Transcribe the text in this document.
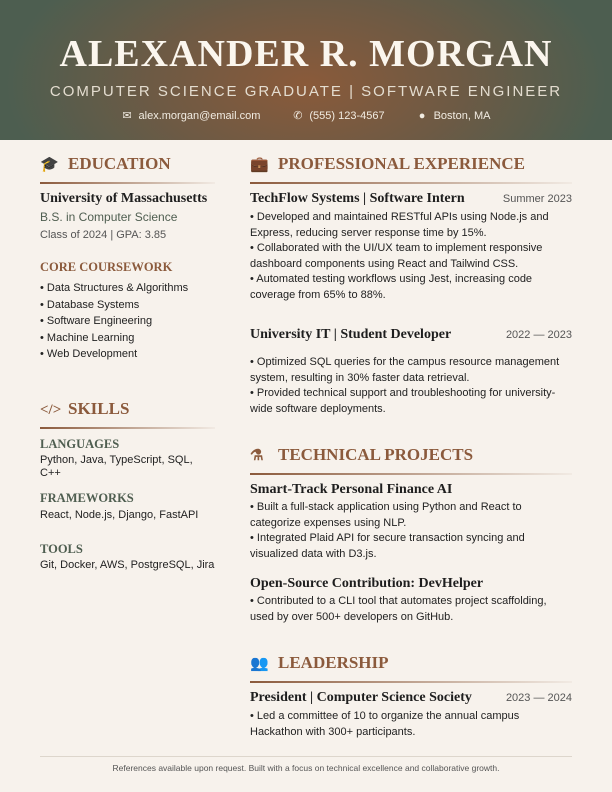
ALEXANDER R. MORGAN
COMPUTER SCIENCE GRADUATE | SOFTWARE ENGINEER
✉ alex.morgan@email.com	✆ (555) 123-4567	● Boston, MA
🎓 EDUCATION
University of Massachusetts
B.S. in Computer Science
Class of 2024 | GPA: 3.85
CORE COURSEWORK
• Data Structures & Algorithms
• Database Systems
• Software Engineering
• Machine Learning
• Web Development
</> SKILLS
LANGUAGES
Python, Java, TypeScript, SQL, C++
FRAMEWORKS
React, Node.js, Django, FastAPI
TOOLS
Git, Docker, AWS, PostgreSQL, Jira
💼 PROFESSIONAL EXPERIENCE
TechFlow Systems | Software Intern	Summer 2023
• Developed and maintained RESTful APIs using Node.js and Express, reducing server response time by 15%.
• Collaborated with the UI/UX team to implement responsive dashboard components using React and Tailwind CSS.
• Automated testing workflows using Jest, increasing code coverage from 65% to 88%.
University IT | Student Developer	2022 — 2023
• Optimized SQL queries for the campus resource management system, resulting in 30% faster data retrieval.
• Provided technical support and troubleshooting for university-wide software deployments.
⚗ TECHNICAL PROJECTS
Smart-Track Personal Finance AI
• Built a full-stack application using Python and React to categorize expenses using NLP.
• Integrated Plaid API for secure transaction syncing and visualized data with D3.js.
Open-Source Contribution: DevHelper
• Contributed to a CLI tool that automates project scaffolding, used by over 500+ developers on GitHub.
👥 LEADERSHIP
President | Computer Science Society	2023 — 2024
• Led a committee of 10 to organize the annual campus Hackathon with 300+ participants.
References available upon request. Built with a focus on technical excellence and collaborative growth.
